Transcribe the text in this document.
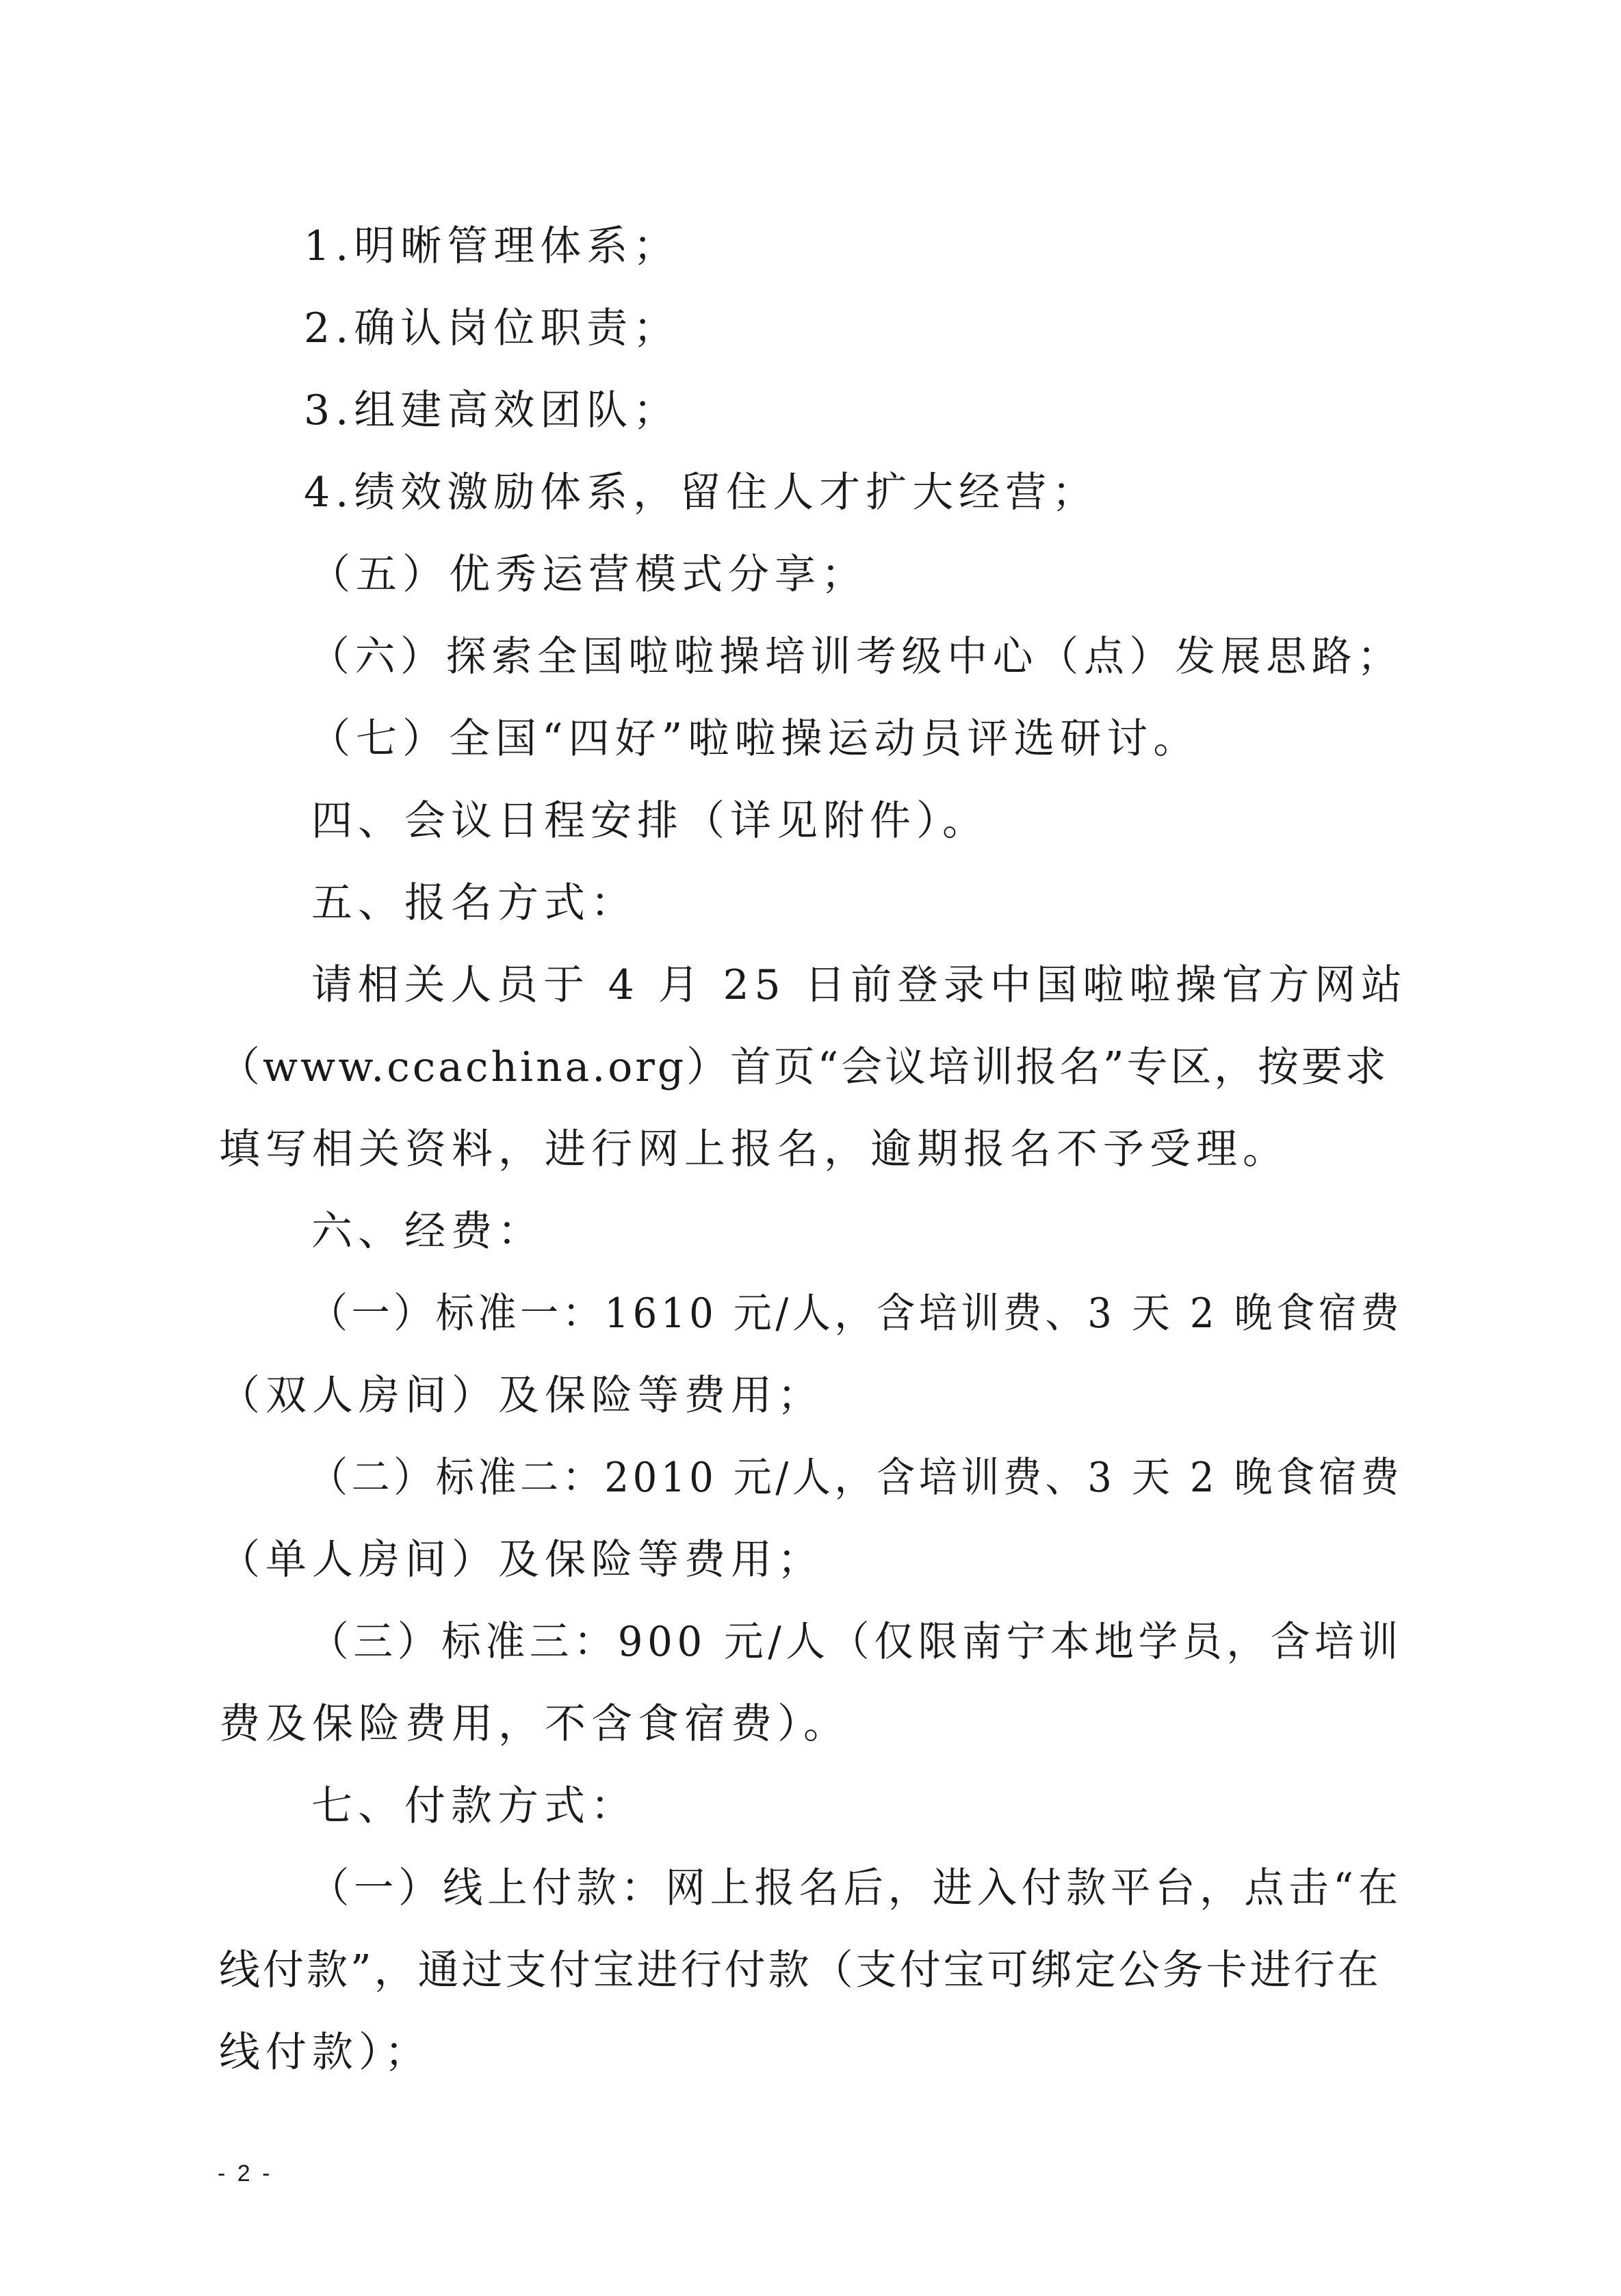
1.明晰管理体系；
2.确认岗位职责；
3.组建高效团队；
4.绩效激励体系，留住人才扩大经营；
（五）优秀运营模式分享；
（六）探索全国啦啦操培训考级中心（点）发展思路；
（七）全国“四好”啦啦操运动员评选研讨。
四、会议日程安排（详见附件）。
五、报名方式：
请相关人员于 4 月 25 日前登录中国啦啦操官方网站
（www.ccachina.org）首页“会议培训报名”专区，按要求
填写相关资料，进行网上报名，逾期报名不予受理。
六、经费：
（一）标准一：1610 元/人，含培训费、3 天 2 晚食宿费
（双人房间）及保险等费用；
（二）标准二：2010 元/人，含培训费、3 天 2 晚食宿费
（单人房间）及保险等费用；
（三）标准三：900 元/人（仅限南宁本地学员，含培训
费及保险费用，不含食宿费）。
七、付款方式：
（一）线上付款：网上报名后，进入付款平台，点击“在
线付款”，通过支付宝进行付款（支付宝可绑定公务卡进行在
线付款）；
- 2 -
